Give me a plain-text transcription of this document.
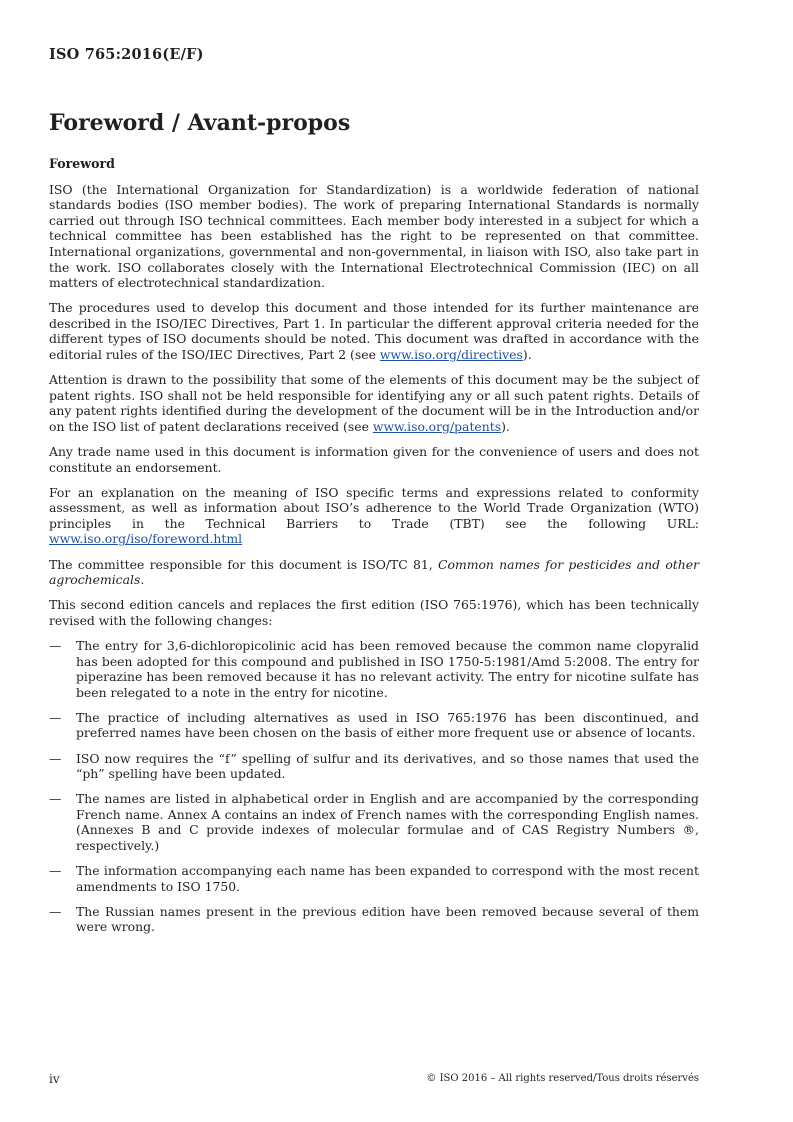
ISO 765:2016(E/F)
Foreword / Avant-propos

Foreword

ISO (the International Organization for Standardization) is a worldwide federation of national standards bodies (ISO member bodies). The work of preparing International Standards is normally carried out through ISO technical committees. Each member body interested in a subject for which a technical committee has been established has the right to be represented on that committee. International organizations, governmental and non-governmental, in liaison with ISO, also take part in the work. ISO collaborates closely with the International Electrotechnical Commission (IEC) on all matters of electrotechnical standardization.

The procedures used to develop this document and those intended for its further maintenance are described in the ISO/IEC Directives, Part 1. In particular the different approval criteria needed for the different types of ISO documents should be noted. This document was drafted in accordance with the editorial rules of the ISO/IEC Directives, Part 2 (see www.iso.org/directives).

Attention is drawn to the possibility that some of the elements of this document may be the subject of patent rights. ISO shall not be held responsible for identifying any or all such patent rights. Details of any patent rights identified during the development of the document will be in the Introduction and/or on the ISO list of patent declarations received (see www.iso.org/patents).

Any trade name used in this document is information given for the convenience of users and does not constitute an endorsement.

For an explanation on the meaning of ISO specific terms and expressions related to conformity assessment, as well as information about ISO’s adherence to the World Trade Organization (WTO) principles in the Technical Barriers to Trade (TBT) see the following URL: www.iso.org/iso/foreword.html

The committee responsible for this document is ISO/TC 81, Common names for pesticides and other agrochemicals.

This second edition cancels and replaces the first edition (ISO 765:1976), which has been technically revised with the following changes:

— The entry for 3,6-dichloropicolinic acid has been removed because the common name clopyralid has been adopted for this compound and published in ISO 1750-5:1981/Amd 5:2008. The entry for piperazine has been removed because it has no relevant activity. The entry for nicotine sulfate has been relegated to a note in the entry for nicotine.
— The practice of including alternatives as used in ISO 765:1976 has been discontinued, and preferred names have been chosen on the basis of either more frequent use or absence of locants.
— ISO now requires the “f” spelling of sulfur and its derivatives, and so those names that used the “ph” spelling have been updated.
— The names are listed in alphabetical order in English and are accompanied by the corresponding French name. Annex A contains an index of French names with the corresponding English names. (Annexes B and C provide indexes of molecular formulae and of CAS Registry Numbers ®, respectively.)
— The information accompanying each name has been expanded to correspond with the most recent amendments to ISO 1750.
— The Russian names present in the previous edition have been removed because several of them were wrong.
iv	© ISO 2016 – All rights reserved/Tous droits réservés
